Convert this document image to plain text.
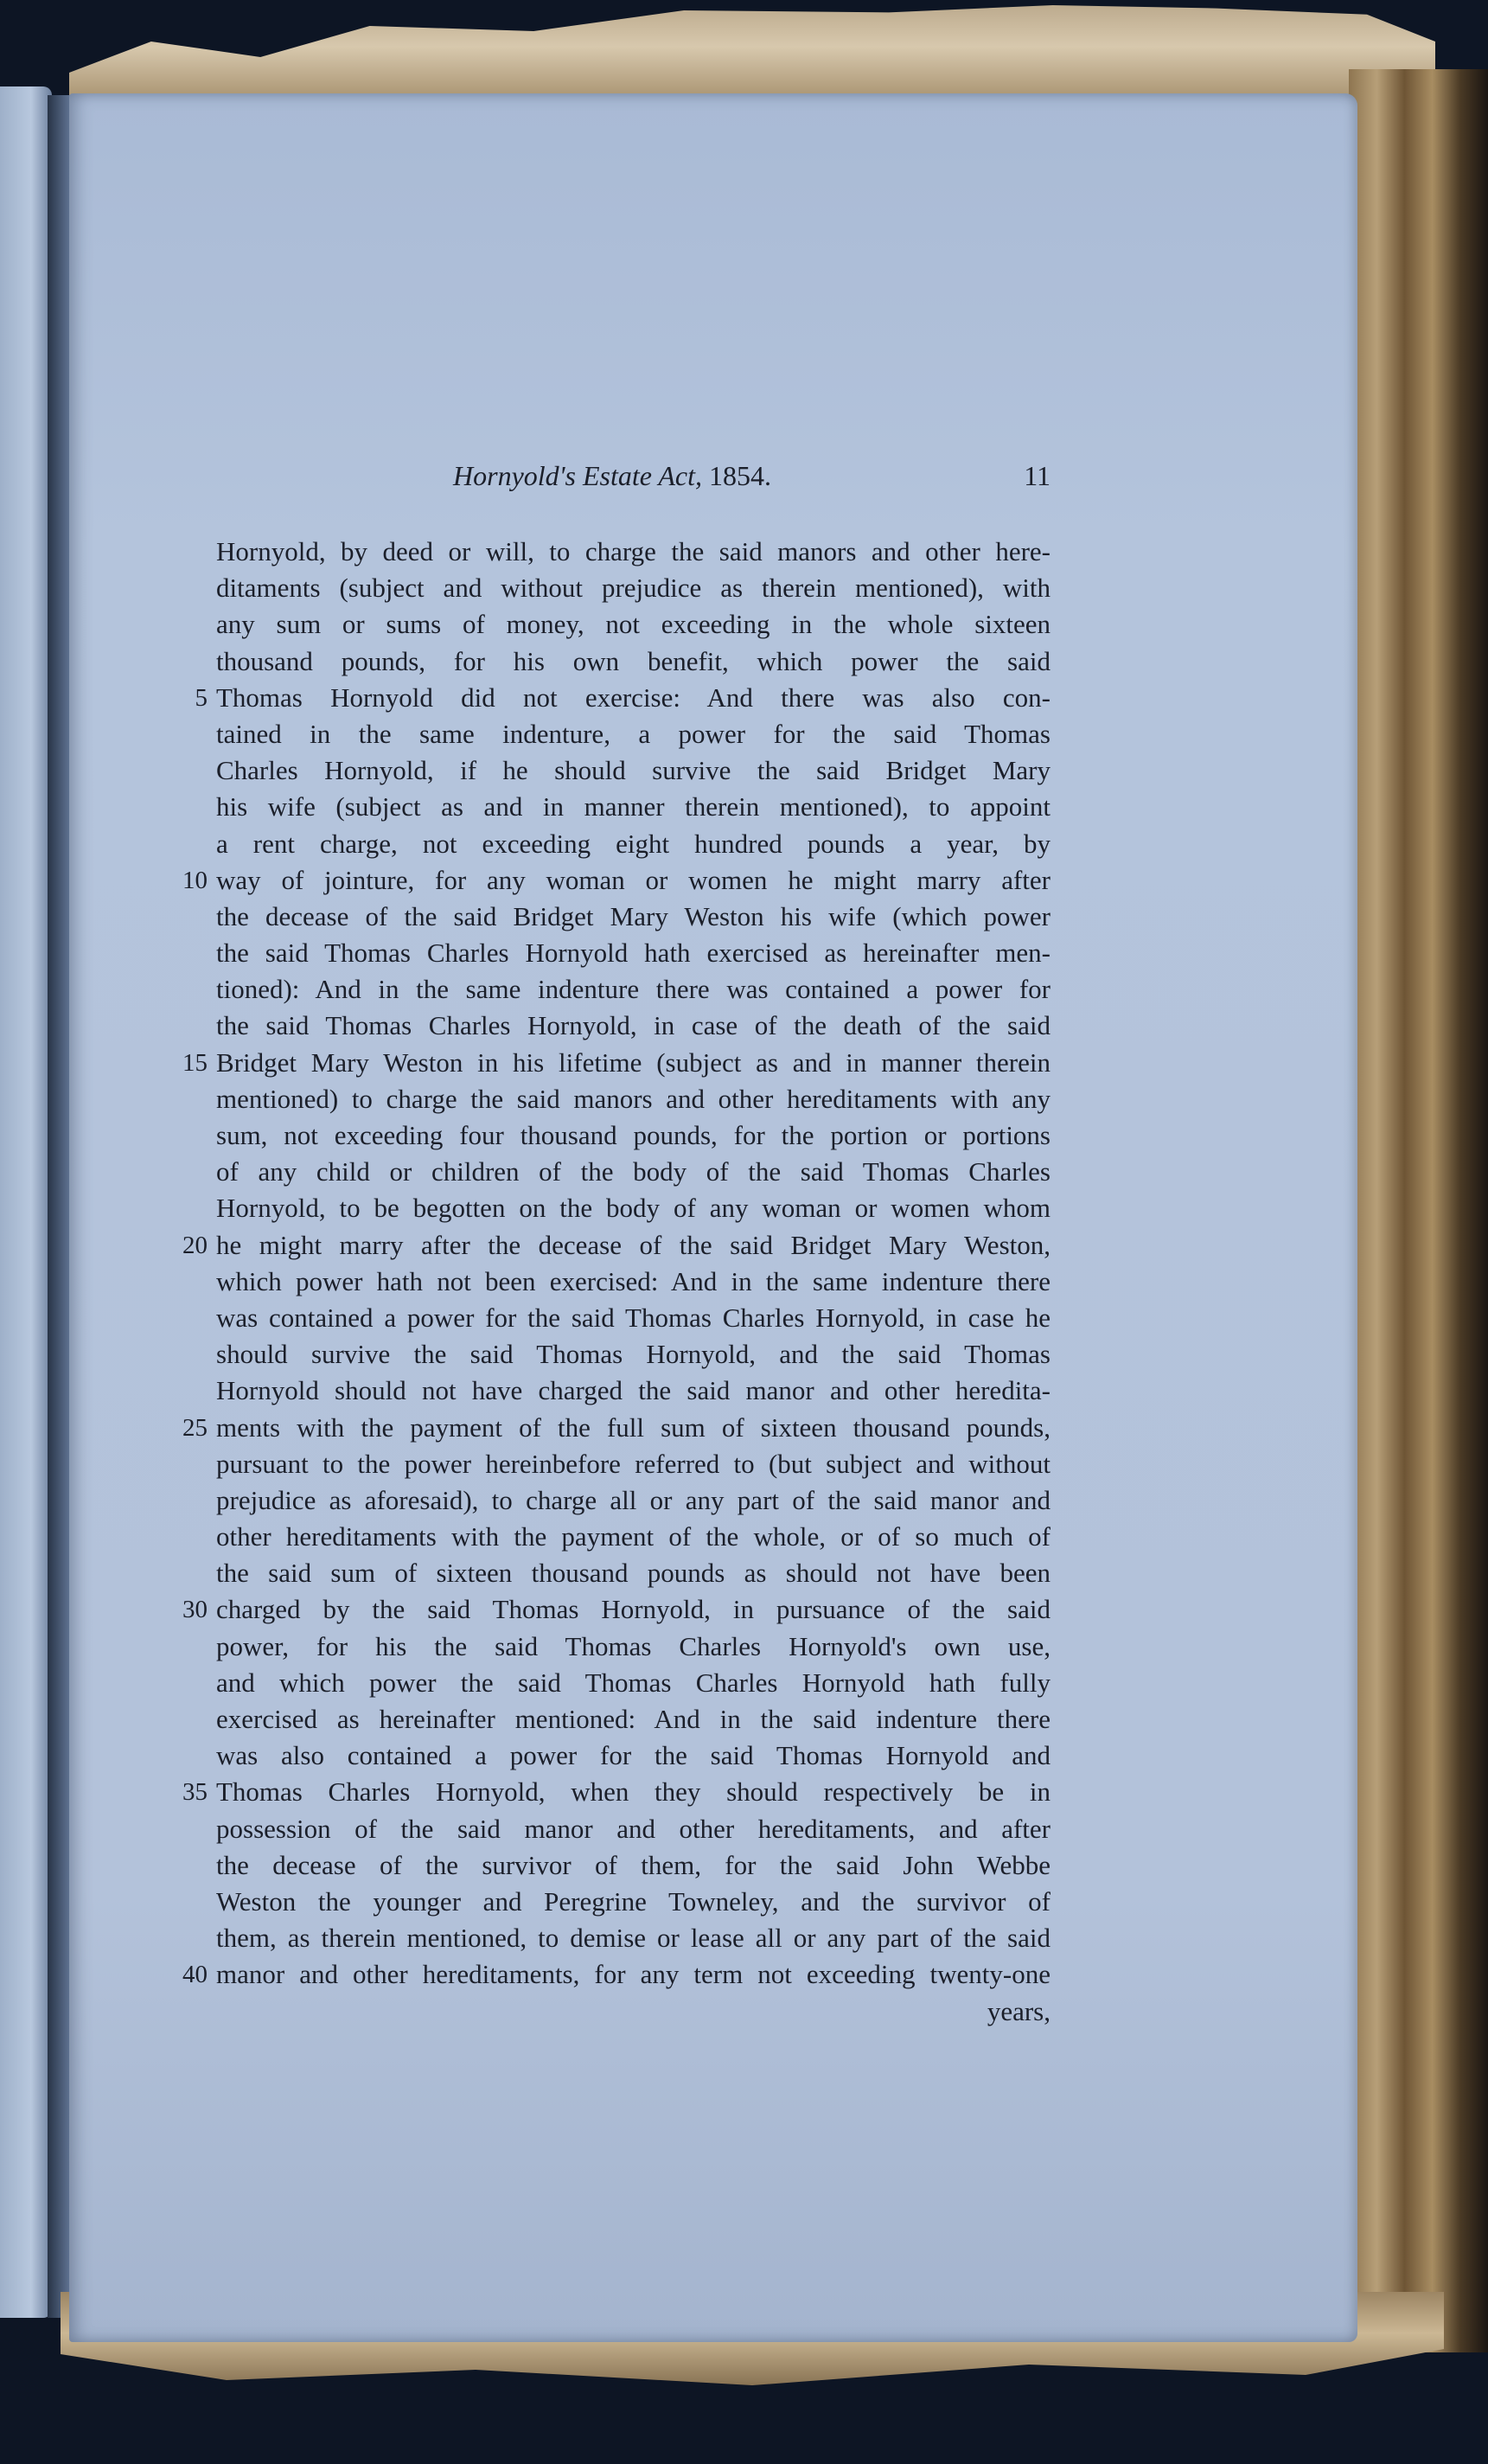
Hornyold's Estate Act, 1854.	11
Hornyold, by deed or will, to charge the said manors and other here-
ditaments (subject and without prejudice as therein mentioned), with
any sum or sums of money, not exceeding in the whole sixteen
thousand pounds, for his own benefit, which power the said
5 Thomas Hornyold did not exercise: And there was also con-
tained in the same indenture, a power for the said Thomas
Charles Hornyold, if he should survive the said Bridget Mary
his wife (subject as and in manner therein mentioned), to appoint
a rent charge, not exceeding eight hundred pounds a year, by
10 way of jointure, for any woman or women he might marry after
the decease of the said Bridget Mary Weston his wife (which power
the said Thomas Charles Hornyold hath exercised as hereinafter men-
tioned): And in the same indenture there was contained a power for
the said Thomas Charles Hornyold, in case of the death of the said
15 Bridget Mary Weston in his lifetime (subject as and in manner therein
mentioned) to charge the said manors and other hereditaments with any
sum, not exceeding four thousand pounds, for the portion or portions
of any child or children of the body of the said Thomas Charles
Hornyold, to be begotten on the body of any woman or women whom
20 he might marry after the decease of the said Bridget Mary Weston,
which power hath not been exercised: And in the same indenture there
was contained a power for the said Thomas Charles Hornyold, in case he
should survive the said Thomas Hornyold, and the said Thomas
Hornyold should not have charged the said manor and other heredita-
25 ments with the payment of the full sum of sixteen thousand pounds,
pursuant to the power hereinbefore referred to (but subject and without
prejudice as aforesaid), to charge all or any part of the said manor and
other hereditaments with the payment of the whole, or of so much of
the said sum of sixteen thousand pounds as should not have been
30 charged by the said Thomas Hornyold, in pursuance of the said
power, for his the said Thomas Charles Hornyold's own use,
and which power the said Thomas Charles Hornyold hath fully
exercised as hereinafter mentioned: And in the said indenture there
was also contained a power for the said Thomas Hornyold and
35 Thomas Charles Hornyold, when they should respectively be in
possession of the said manor and other hereditaments, and after
the decease of the survivor of them, for the said John Webbe
Weston the younger and Peregrine Towneley, and the survivor of
them, as therein mentioned, to demise or lease all or any part of the said
40 manor and other hereditaments, for any term not exceeding twenty-one
years,
